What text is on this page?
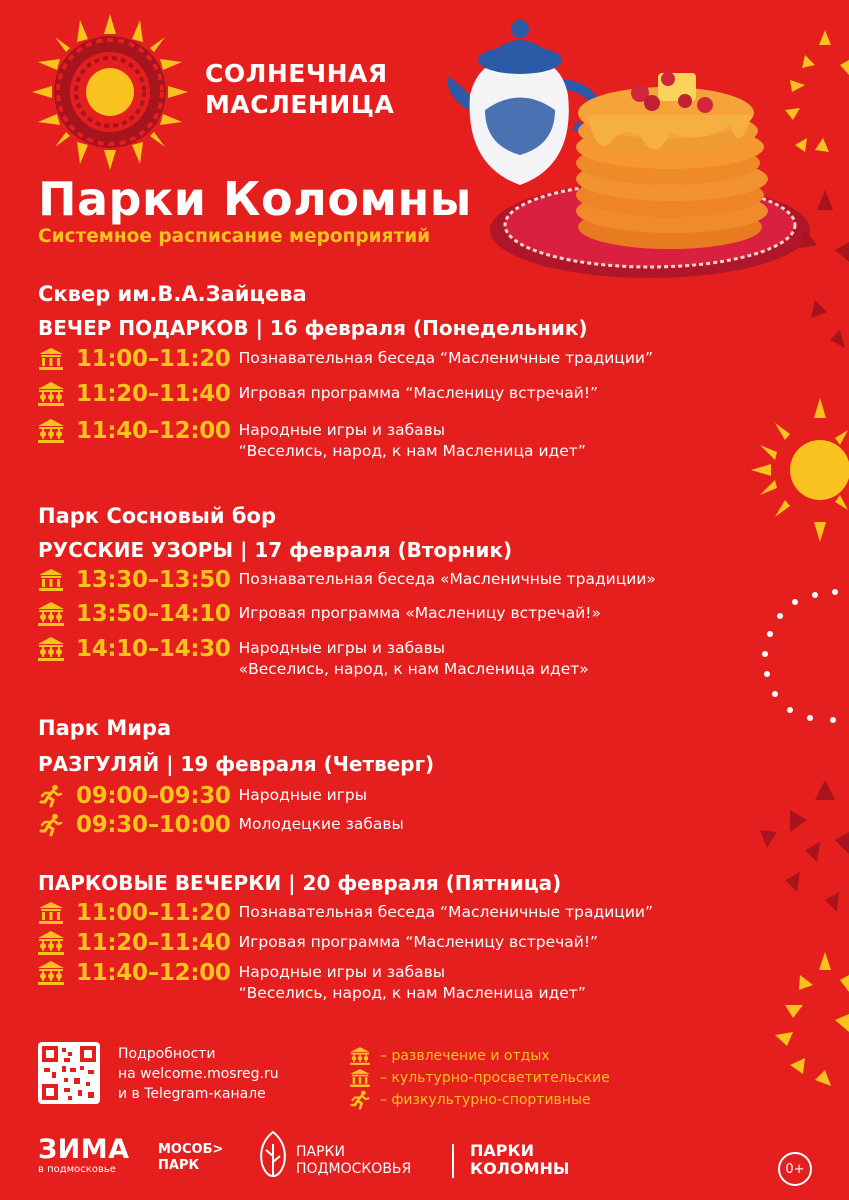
СОЛНЕЧНАЯ
МАСЛЕНИЦА
Парки Коломны
Системное расписание мероприятий
Сквер им.В.А.Зайцева
ВЕЧЕР ПОДАРКОВ | 16 февраля (Понедельник)
11:00–11:20 Познавательная беседа “Масленичные традиции”
11:20–11:40 Игровая программа “Масленицу встречай!”
11:40–12:00 Народные игры и забавы
“Веселись, народ, к нам Масленица идет”
Парк Сосновый бор
РУССКИЕ УЗОРЫ | 17 февраля (Вторник)
13:30–13:50 Познавательная беседа «Масленичные традиции»
13:50–14:10 Игровая программа «Масленицу встречай!»
14:10–14:30 Народные игры и забавы
«Веселись, народ, к нам Масленица идет»
Парк Мира
РАЗГУЛЯЙ | 19 февраля (Четверг)
09:00–09:30 Народные игры
09:30–10:00 Молодецкие забавы
ПАРКОВЫЕ ВЕЧЕРКИ | 20 февраля (Пятница)
11:00–11:20 Познавательная беседа “Масленичные традиции”
11:20–11:40 Игровая программа “Масленицу встречай!”
11:40–12:00 Народные игры и забавы
“Веселись, народ, к нам Масленица идет”
Подробности
на welcome.mosreg.ru
и в Telegram-канале
– развлечение и отдых
– культурно-просветительские
– физкультурно-спортивные
ЗИМА
в подмосковье
МОСОБ>
ПАРК
ПАРКИ
ПОДМОСКОВЬЯ
ПАРКИ
КОЛОМНЫ	0+
